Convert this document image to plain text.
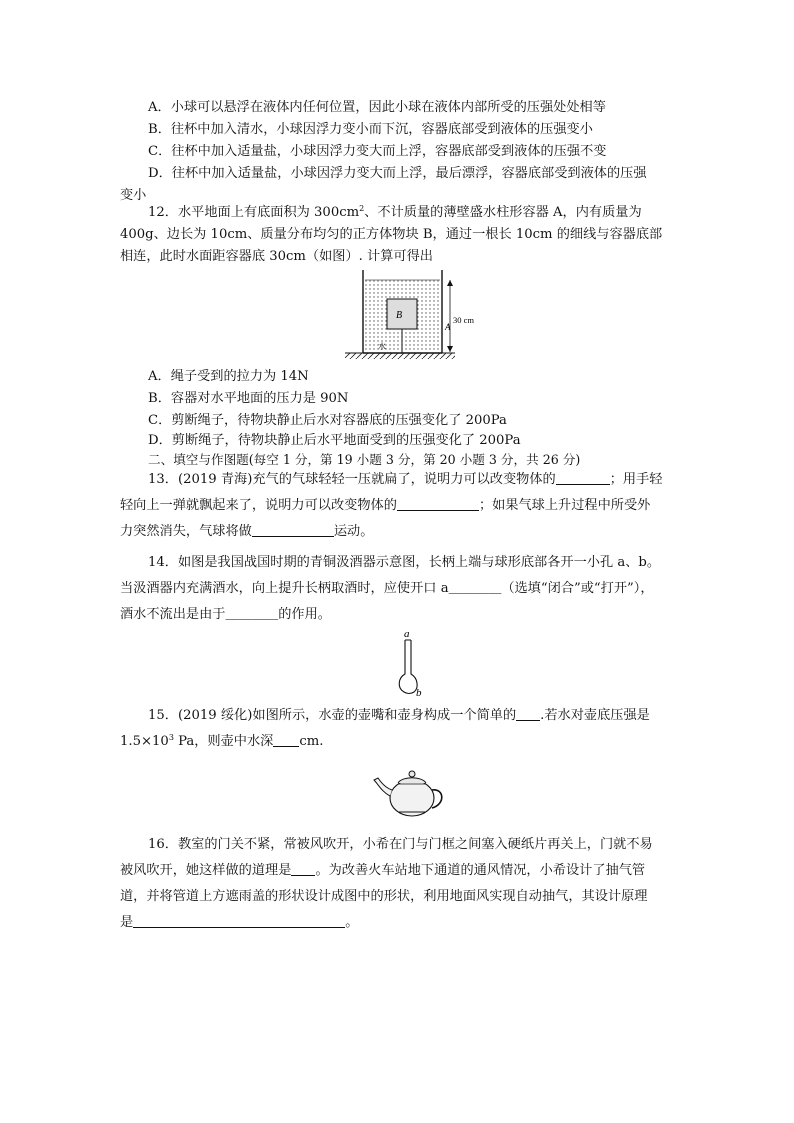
A．小球可以悬浮在液体内任何位置，因此小球在液体内部所受的压强处处相等
B．往杯中加入清水，小球因浮力变小而下沉，容器底部受到液体的压强变小
C．往杯中加入适量盐，小球因浮力变大而上浮，容器底部受到液体的压强不变
D．往杯中加入适量盐，小球因浮力变大而上浮，最后漂浮，容器底部受到液体的压强
变小
12．水平地面上有底面积为 $300cm^2$、不计质量的薄壁盛水柱形容器 A，内有质量为
400g、边长为 10cm、质量分布均匀的正方体物块 B，通过一根长 10cm 的细线与容器底部
相连，此时水面距容器底 30cm（如图）. 计算可得出
B
A
30 cm
水
A．绳子受到的拉力为 14N
B．容器对水平地面的压力是 90N
C．剪断绳子，待物块静止后水对容器底的压强变化了 200Pa
D．剪断绳子，待物块静止后水平地面受到的压强变化了 200Pa
二、填空与作图题(每空 1 分，第 19 小题 3 分，第 20 小题 3 分，共 26 分)
13．(2019 青海)充气的气球轻轻一压就扁了，说明力可以改变物体的	；用手轻
轻向上一弹就飘起来了，说明力可以改变物体的	；如果气球上升过程中所受外
力突然消失，气球将做	运动。
14．如图是我国战国时期的青铜汲酒器示意图，长柄上端与球形底部各开一小孔 a、b。
当汲酒器内充满酒水，向上提升长柄取酒时，应使开口 a＿＿＿＿（选填“闭合”或“打开”），
酒水不流出是由于＿＿＿＿的作用。
a
b
15．(2019 绥化)如图所示，水壶的壶嘴和壶身构成一个简单的 .若水对壶底压强是
$1.5\times 10^3$ Pa，则壶中水深 cm.
16．教室的门关不紧，常被风吹开，小希在门与门框之间塞入硬纸片再关上，门就不易
被风吹开，她这样做的道理是 。为改善火车站地下通道的通风情况，小希设计了抽气管
道，并将管道上方遮雨盖的形状设计成图中的形状，利用地面风实现自动抽气，其设计原理
是	。
